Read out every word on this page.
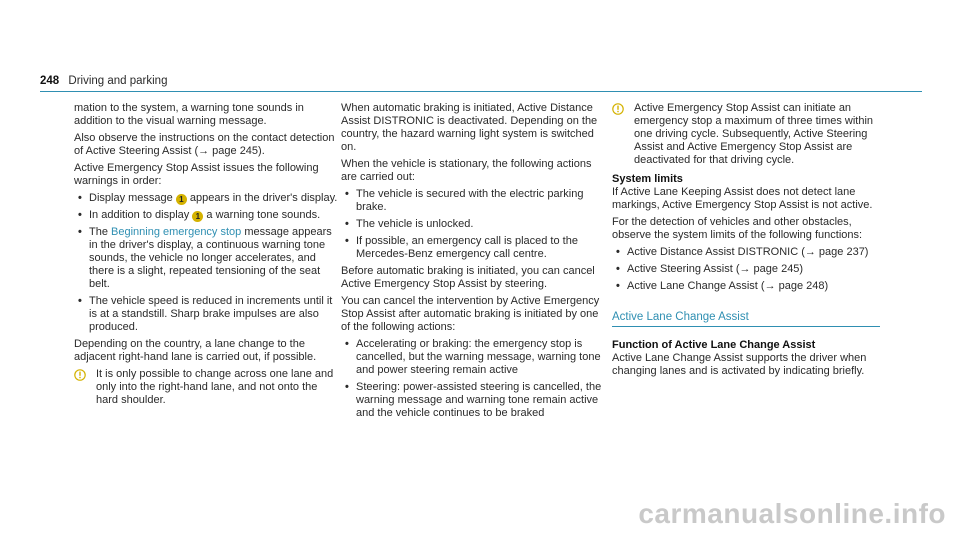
248 Driving and parking

mation to the system, a warning tone sounds in addition to the visual warning message.

Also observe the instructions on the contact detection of Active Steering Assist (→ page 245).

Active Emergency Stop Assist issues the following warnings in order:

• Display message 1 appears in the driver's display.
• In addition to display 1 a warning tone sounds.
• The Beginning emergency stop message appears in the driver's display, a continuous warning tone sounds, the vehicle no longer accelerates, and there is a slight, repeated tensioning of the seat belt.
• The vehicle speed is reduced in increments until it is at a standstill. Sharp brake impulses are also produced.

Depending on the country, a lane change to the adjacent right-hand lane is carried out, if possible.

It is only possible to change across one lane and only into the right-hand lane, and not onto the hard shoulder.

When automatic braking is initiated, Active Distance Assist DISTRONIC is deactivated. Depending on the country, the hazard warning light system is switched on.

When the vehicle is stationary, the following actions are carried out:

• The vehicle is secured with the electric parking brake.
• The vehicle is unlocked.
• If possible, an emergency call is placed to the Mercedes-Benz emergency call centre.

Before automatic braking is initiated, you can cancel Active Emergency Stop Assist by steering.

You can cancel the intervention by Active Emergency Stop Assist after automatic braking is initiated by one of the following actions:

• Accelerating or braking: the emergency stop is cancelled, but the warning message, warning tone and power steering remain active
• Steering: power-assisted steering is cancelled, the warning message and warning tone remain active and the vehicle continues to be braked
Active Emergency Stop Assist can initiate an emergency stop a maximum of three times within one driving cycle. Subsequently, Active Steering Assist and Active Emergency Stop Assist are deactivated for that driving cycle.
System limits

If Active Lane Keeping Assist does not detect lane markings, Active Emergency Stop Assist is not active.

For the detection of vehicles and other obstacles, observe the system limits of the following functions:

• Active Distance Assist DISTRONIC (→ page 237)
• Active Steering Assist (→ page 245)
• Active Lane Change Assist (→ page 248)
Active Lane Change Assist
Function of Active Lane Change Assist

Active Lane Change Assist supports the driver when changing lanes and is activated by indicating briefly.

carmanualsonline.info
